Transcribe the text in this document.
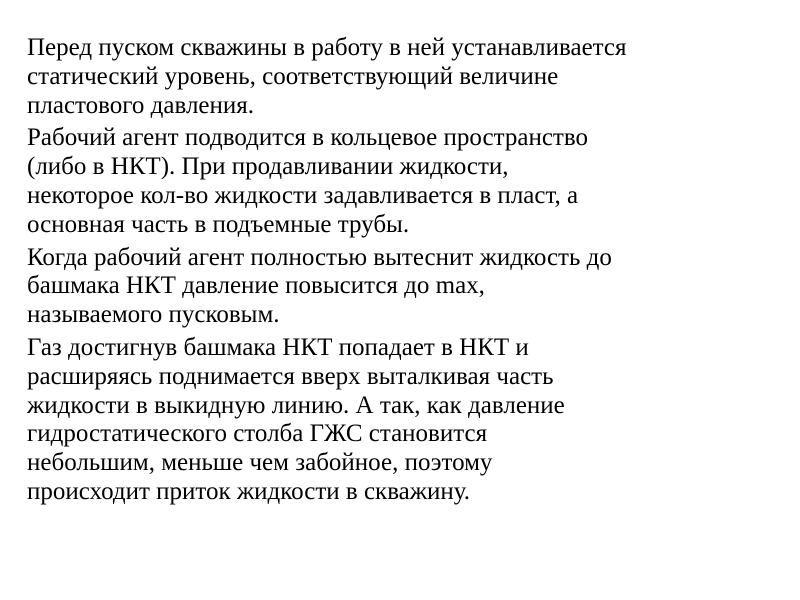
Перед пуском скважины в работу в ней устанавливается
статический уровень, соответствующий величине
пластового давления.

Рабочий агент подводится в кольцевое пространство
(либо в НКТ). При продавливании жидкости,
некоторое кол-во жидкости задавливается в пласт, а
основная часть в подъемные трубы.

Когда рабочий агент полностью вытеснит жидкость до
башмака НКТ давление повысится до max,
называемого пусковым.

Газ достигнув башмака НКТ попадает в НКТ и
расширяясь поднимается вверх выталкивая часть
жидкости в выкидную линию. А так, как давление
гидростатического столба ГЖС становится
небольшим, меньше чем забойное, поэтому
происходит приток жидкости в скважину.
